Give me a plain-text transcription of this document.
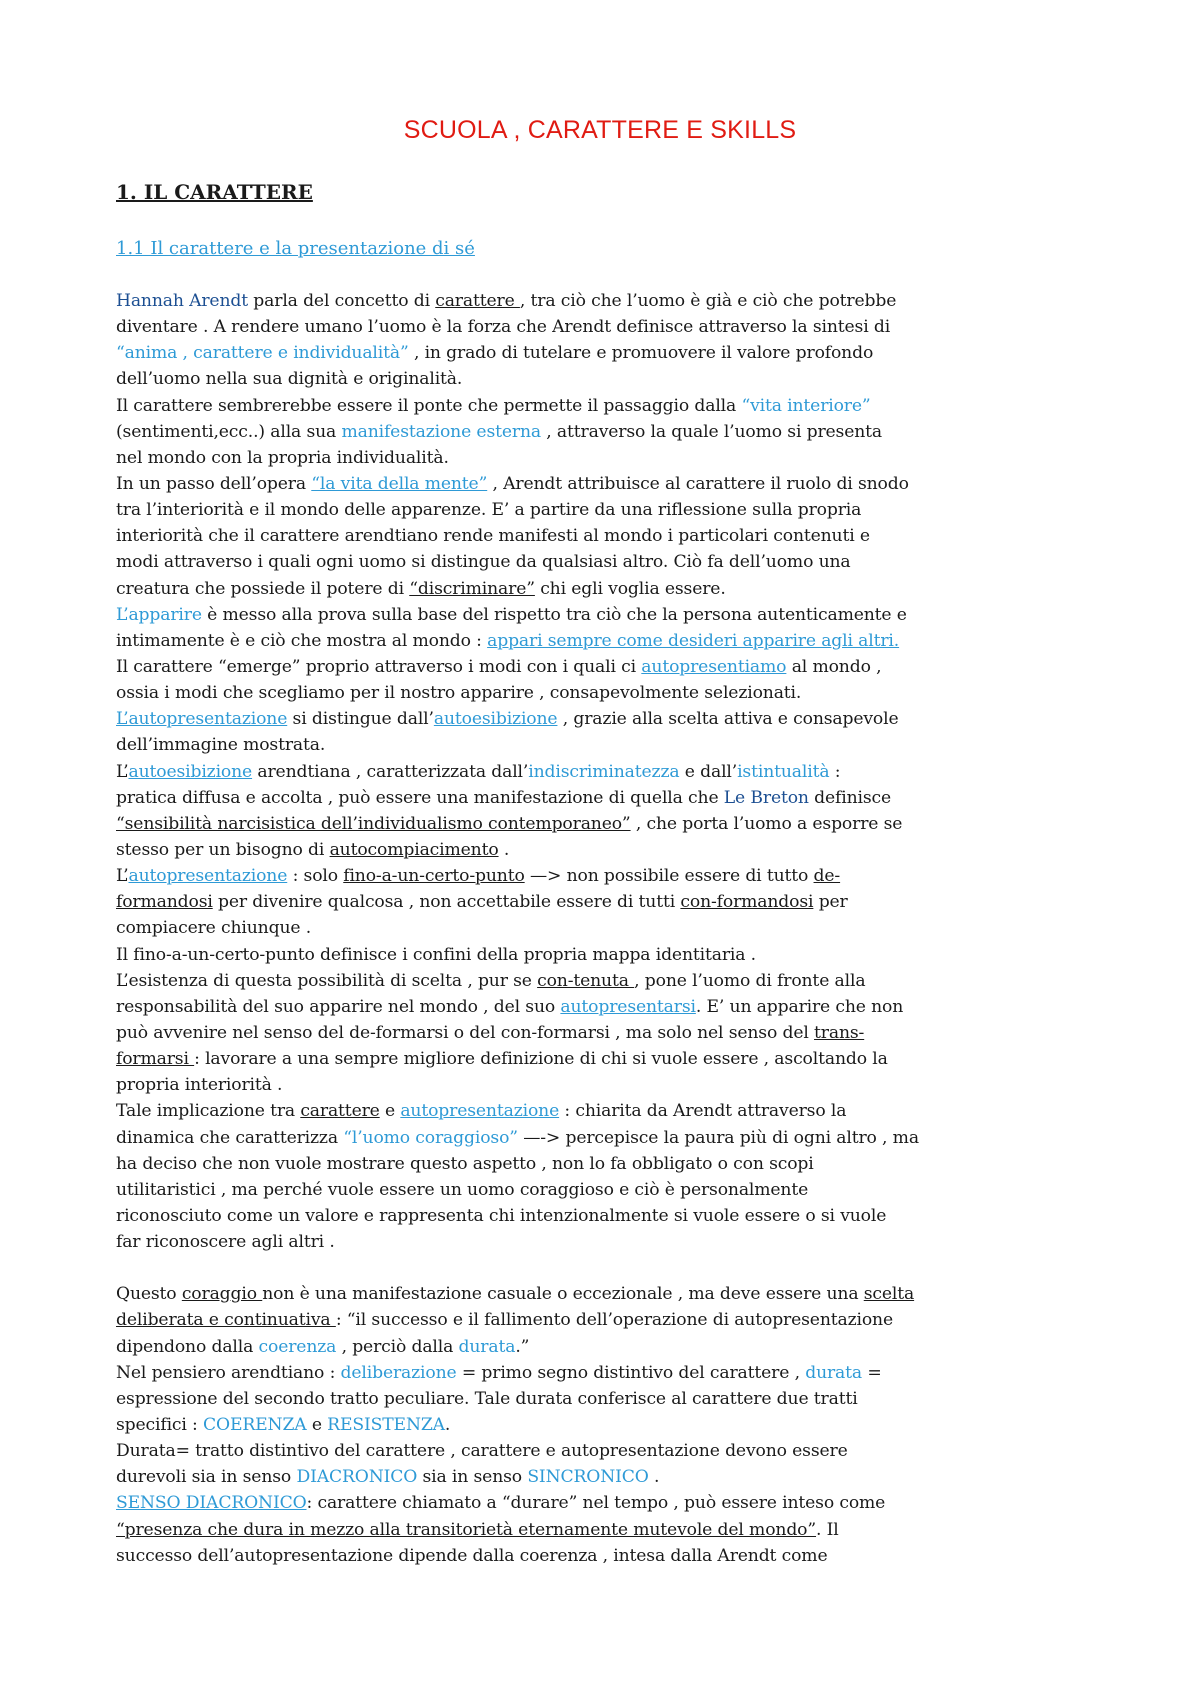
SCUOLA , CARATTERE E SKILLS
1. IL CARATTERE
1.1 Il carattere e la presentazione di sé
Hannah Arendt parla del concetto di carattere , tra ciò che l’uomo è già e ciò che potrebbe
diventare . A rendere umano l’uomo è la forza che Arendt definisce attraverso la sintesi di
“anima , carattere e individualità” , in grado di tutelare e promuovere il valore profondo
dell’uomo nella sua dignità e originalità.
Il carattere sembrerebbe essere il ponte che permette il passaggio dalla “vita interiore”
(sentimenti,ecc..) alla sua manifestazione esterna , attraverso la quale l’uomo si presenta
nel mondo con la propria individualità.
In un passo dell’opera “la vita della mente” , Arendt attribuisce al carattere il ruolo di snodo
tra l’interiorità e il mondo delle apparenze. E’ a partire da una riflessione sulla propria
interiorità che il carattere arendtiano rende manifesti al mondo i particolari contenuti e
modi attraverso i quali ogni uomo si distingue da qualsiasi altro. Ciò fa dell’uomo una
creatura che possiede il potere di “discriminare” chi egli voglia essere.
L’apparire è messo alla prova sulla base del rispetto tra ciò che la persona autenticamente e
intimamente è e ciò che mostra al mondo : appari sempre come desideri apparire agli altri.
Il carattere “emerge” proprio attraverso i modi con i quali ci autopresentiamo al mondo ,
ossia i modi che scegliamo per il nostro apparire , consapevolmente selezionati.
L’autopresentazione si distingue dall’autoesibizione , grazie alla scelta attiva e consapevole
dell’immagine mostrata.
L’autoesibizione arendtiana , caratterizzata dall’indiscriminatezza e dall’istintualità :
pratica diffusa e accolta , può essere una manifestazione di quella che Le Breton definisce
“sensibilità narcisistica dell’individualismo contemporaneo” , che porta l’uomo a esporre se
stesso per un bisogno di autocompiacimento .
L’autopresentazione : solo fino-a-un-certo-punto —> non possibile essere di tutto de-
formandosi per divenire qualcosa , non accettabile essere di tutti con-formandosi per
compiacere chiunque .
Il fino-a-un-certo-punto definisce i confini della propria mappa identitaria .
L’esistenza di questa possibilità di scelta , pur se con-tenuta , pone l’uomo di fronte alla
responsabilità del suo apparire nel mondo , del suo autopresentarsi. E’ un apparire che non
può avvenire nel senso del de-formarsi o del con-formarsi , ma solo nel senso del trans-
formarsi : lavorare a una sempre migliore definizione di chi si vuole essere , ascoltando la
propria interiorità .
Tale implicazione tra carattere e autopresentazione : chiarita da Arendt attraverso la
dinamica che caratterizza “l’uomo coraggioso” —-> percepisce la paura più di ogni altro , ma
ha deciso che non vuole mostrare questo aspetto , non lo fa obbligato o con scopi
utilitaristici , ma perché vuole essere un uomo coraggioso e ciò è personalmente
riconosciuto come un valore e rappresenta chi intenzionalmente si vuole essere o si vuole
far riconoscere agli altri .
Questo coraggio non è una manifestazione casuale o eccezionale , ma deve essere una scelta
deliberata e continuativa : “il successo e il fallimento dell’operazione di autopresentazione
dipendono dalla coerenza , perciò dalla durata.”
Nel pensiero arendtiano : deliberazione = primo segno distintivo del carattere , durata =
espressione del secondo tratto peculiare. Tale durata conferisce al carattere due tratti
specifici : COERENZA e RESISTENZA.
Durata= tratto distintivo del carattere , carattere e autopresentazione devono essere
durevoli sia in senso DIACRONICO sia in senso SINCRONICO .
SENSO DIACRONICO: carattere chiamato a “durare” nel tempo , può essere inteso come
“presenza che dura in mezzo alla transitorietà eternamente mutevole del mondo”. Il
successo dell’autopresentazione dipende dalla coerenza , intesa dalla Arendt come
